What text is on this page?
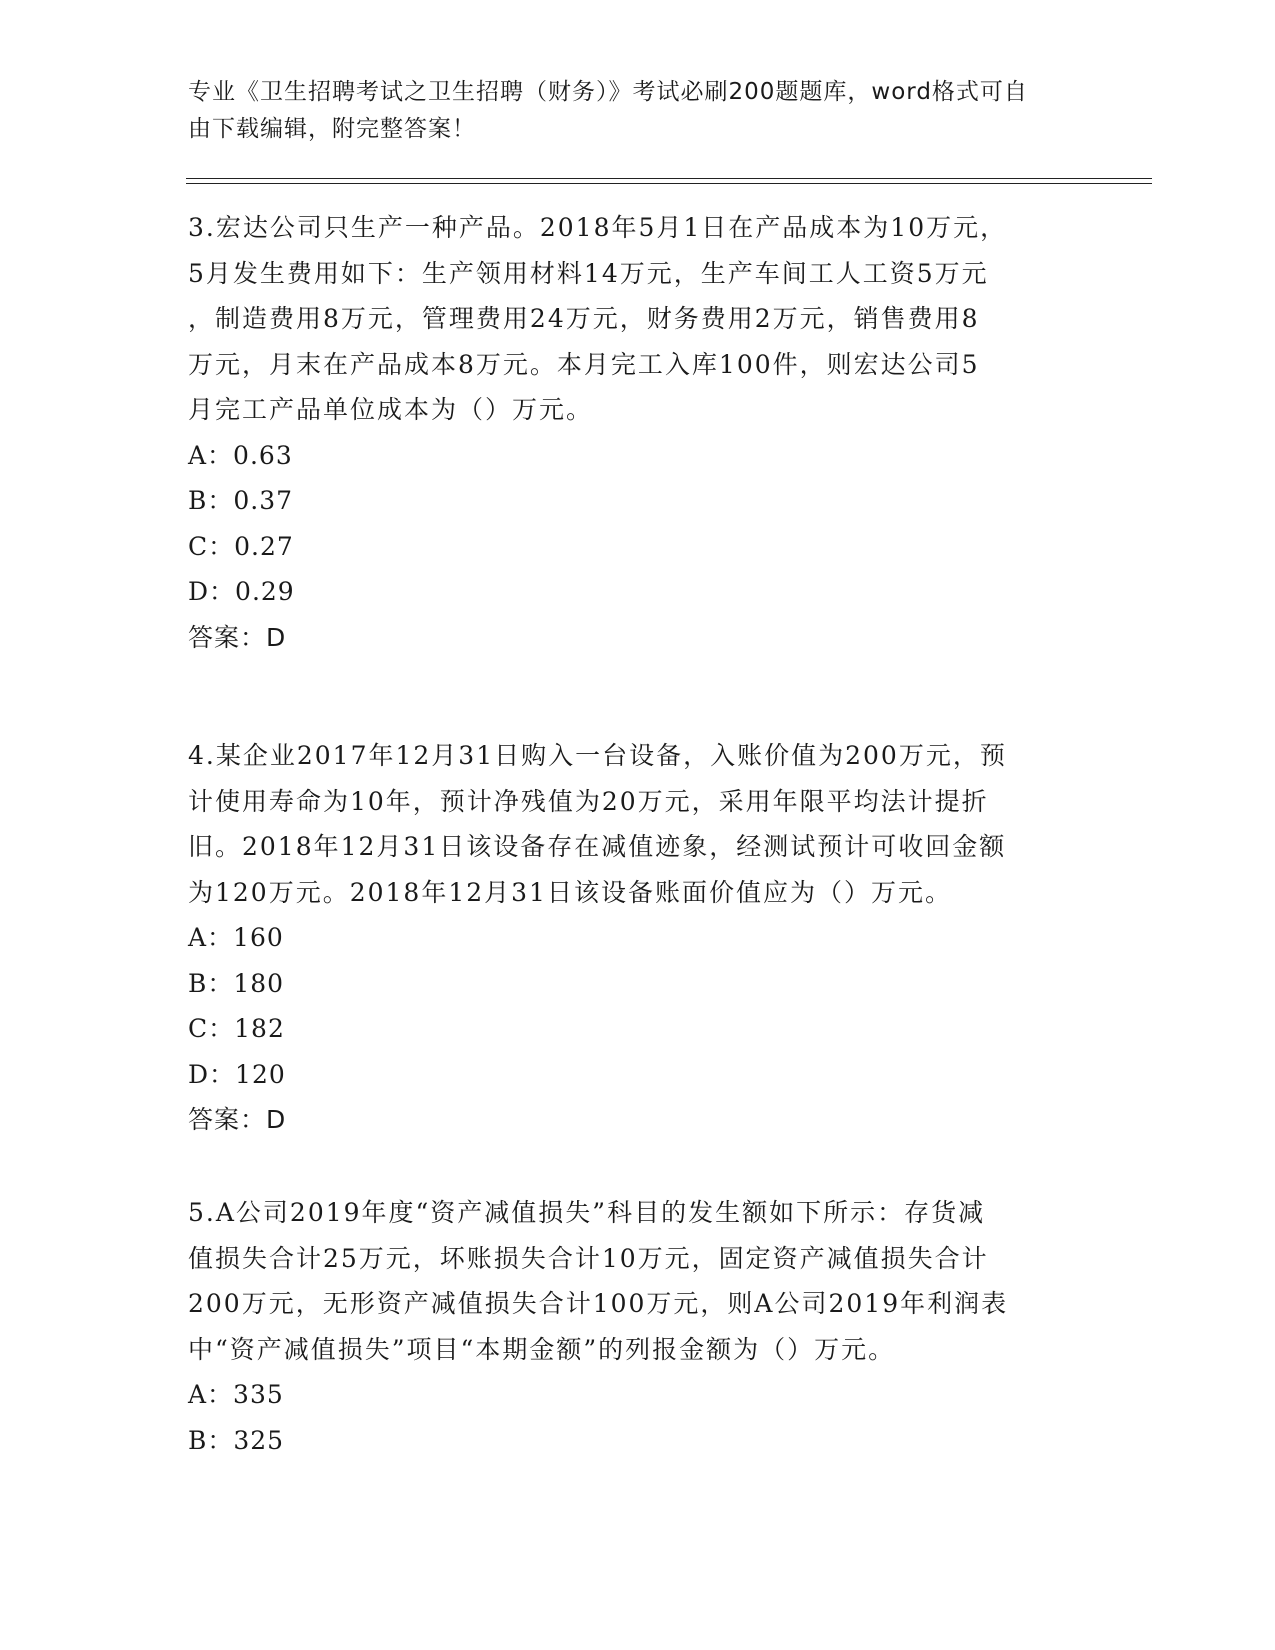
专业《卫生招聘考试之卫生招聘（财务）》考试必刷200题题库，word格式可自
由下载编辑，附完整答案！

3.宏达公司只生产一种产品。2018年5月1日在产品成本为10万元，

5月发生费用如下：生产领用材料14万元，生产车间工人工资5万元

，制造费用8万元，管理费用24万元，财务费用2万元，销售费用8

万元，月末在产品成本8万元。本月完工入库100件，则宏达公司5

月完工产品单位成本为（）万元。

A：0.63

B：0.37

C：0.27

D：0.29

答案：D

4.某企业2017年12月31日购入一台设备，入账价值为200万元，预

计使用寿命为10年，预计净残值为20万元，采用年限平均法计提折

旧。2018年12月31日该设备存在减值迹象，经测试预计可收回金额

为120万元。2018年12月31日该设备账面价值应为（）万元。

A：160

B：180

C：182

D：120

答案：D

5.A公司2019年度“资产减值损失”科目的发生额如下所示：存货减

值损失合计25万元，坏账损失合计10万元，固定资产减值损失合计

200万元，无形资产减值损失合计100万元，则A公司2019年利润表

中“资产减值损失”项目“本期金额”的列报金额为（）万元。

A：335

B：325
